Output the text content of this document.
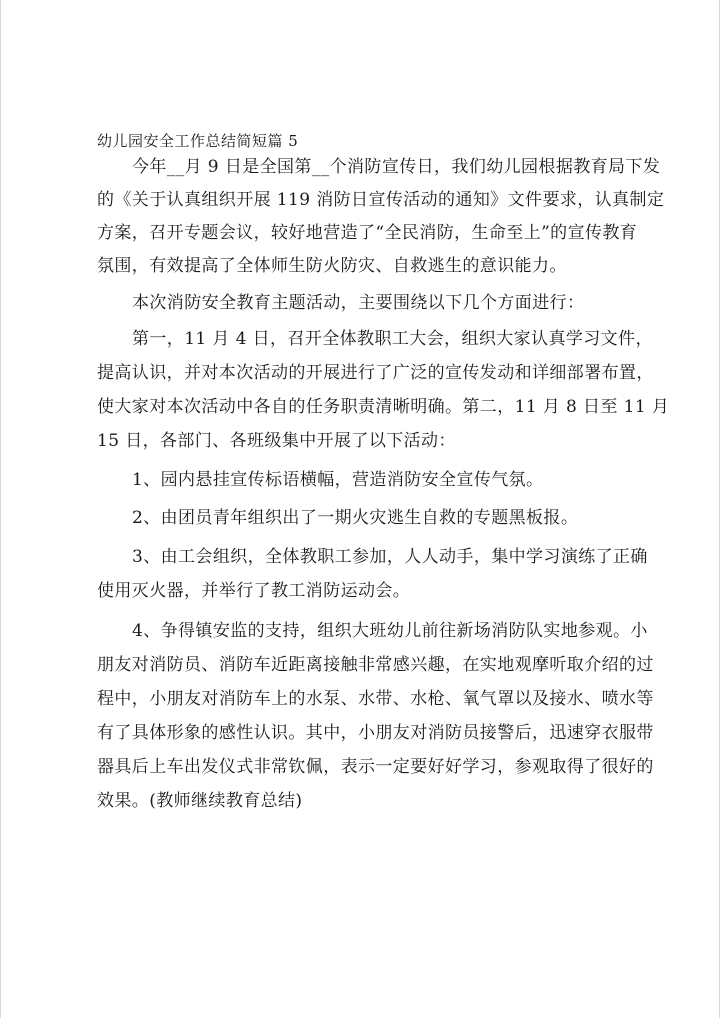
幼儿园安全工作总结简短篇 5
今年__月 9 日是全国第__个消防宣传日，我们幼儿园根据教育局下发
的《关于认真组织开展 119 消防日宣传活动的通知》文件要求，认真制定
方案，召开专题会议，较好地营造了“全民消防，生命至上”的宣传教育
氛围，有效提高了全体师生防火防灾、自救逃生的意识能力。
本次消防安全教育主题活动，主要围绕以下几个方面进行：
第一，11 月 4 日，召开全体教职工大会，组织大家认真学习文件，
提高认识，并对本次活动的开展进行了广泛的宣传发动和详细部署布置，
使大家对本次活动中各自的任务职责清晰明确。第二，11 月 8 日至 11 月
15 日，各部门、各班级集中开展了以下活动：
1、园内悬挂宣传标语横幅，营造消防安全宣传气氛。
2、由团员青年组织出了一期火灾逃生自救的专题黑板报。
3、由工会组织，全体教职工参加，人人动手，集中学习演练了正确
使用灭火器，并举行了教工消防运动会。
4、争得镇安监的支持，组织大班幼儿前往新场消防队实地参观。小
朋友对消防员、消防车近距离接触非常感兴趣，在实地观摩听取介绍的过
程中，小朋友对消防车上的水泵、水带、水枪、氧气罩以及接水、喷水等
有了具体形象的感性认识。其中，小朋友对消防员接警后，迅速穿衣服带
器具后上车出发仪式非常钦佩，表示一定要好好学习，参观取得了很好的
效果。(教师继续教育总结)
